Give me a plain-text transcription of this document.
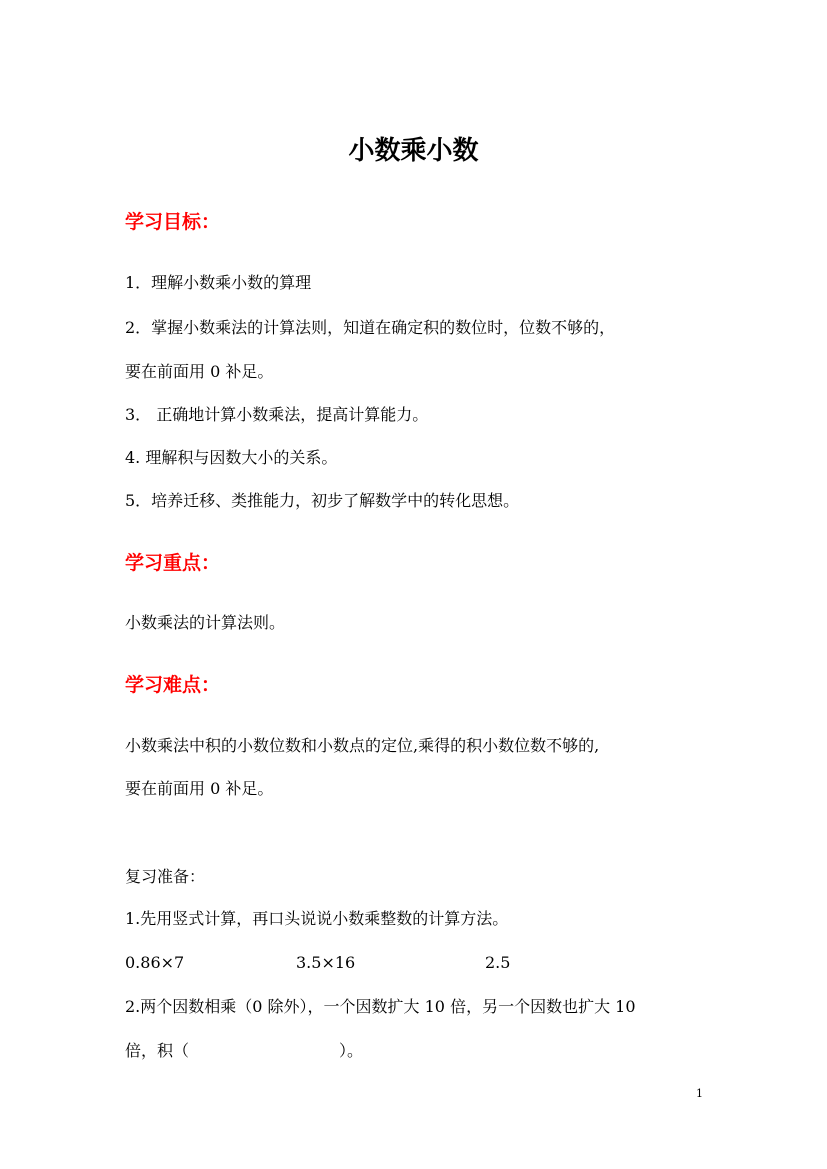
小数乘小数
学习目标：
1．理解小数乘小数的算理
2．掌握小数乘法的计算法则，知道在确定积的数位时，位数不够的，
要在前面用 0 补足。
3． 正确地计算小数乘法，提高计算能力。
4. 理解积与因数大小的关系。
5．培养迁移、类推能力，初步了解数学中的转化思想。
学习重点：
小数乘法的计算法则。
学习难点：
小数乘法中积的小数位数和小数点的定位,乘得的积小数位数不够的,
要在前面用 0 补足。
复习准备：
1.先用竖式计算，再口头说说小数乘整数的计算方法。
0.86×7	3.5×16	2.5
2.两个因数相乘（0 除外），一个因数扩大 10 倍，另一个因数也扩大 10
倍，积（	）。
1
